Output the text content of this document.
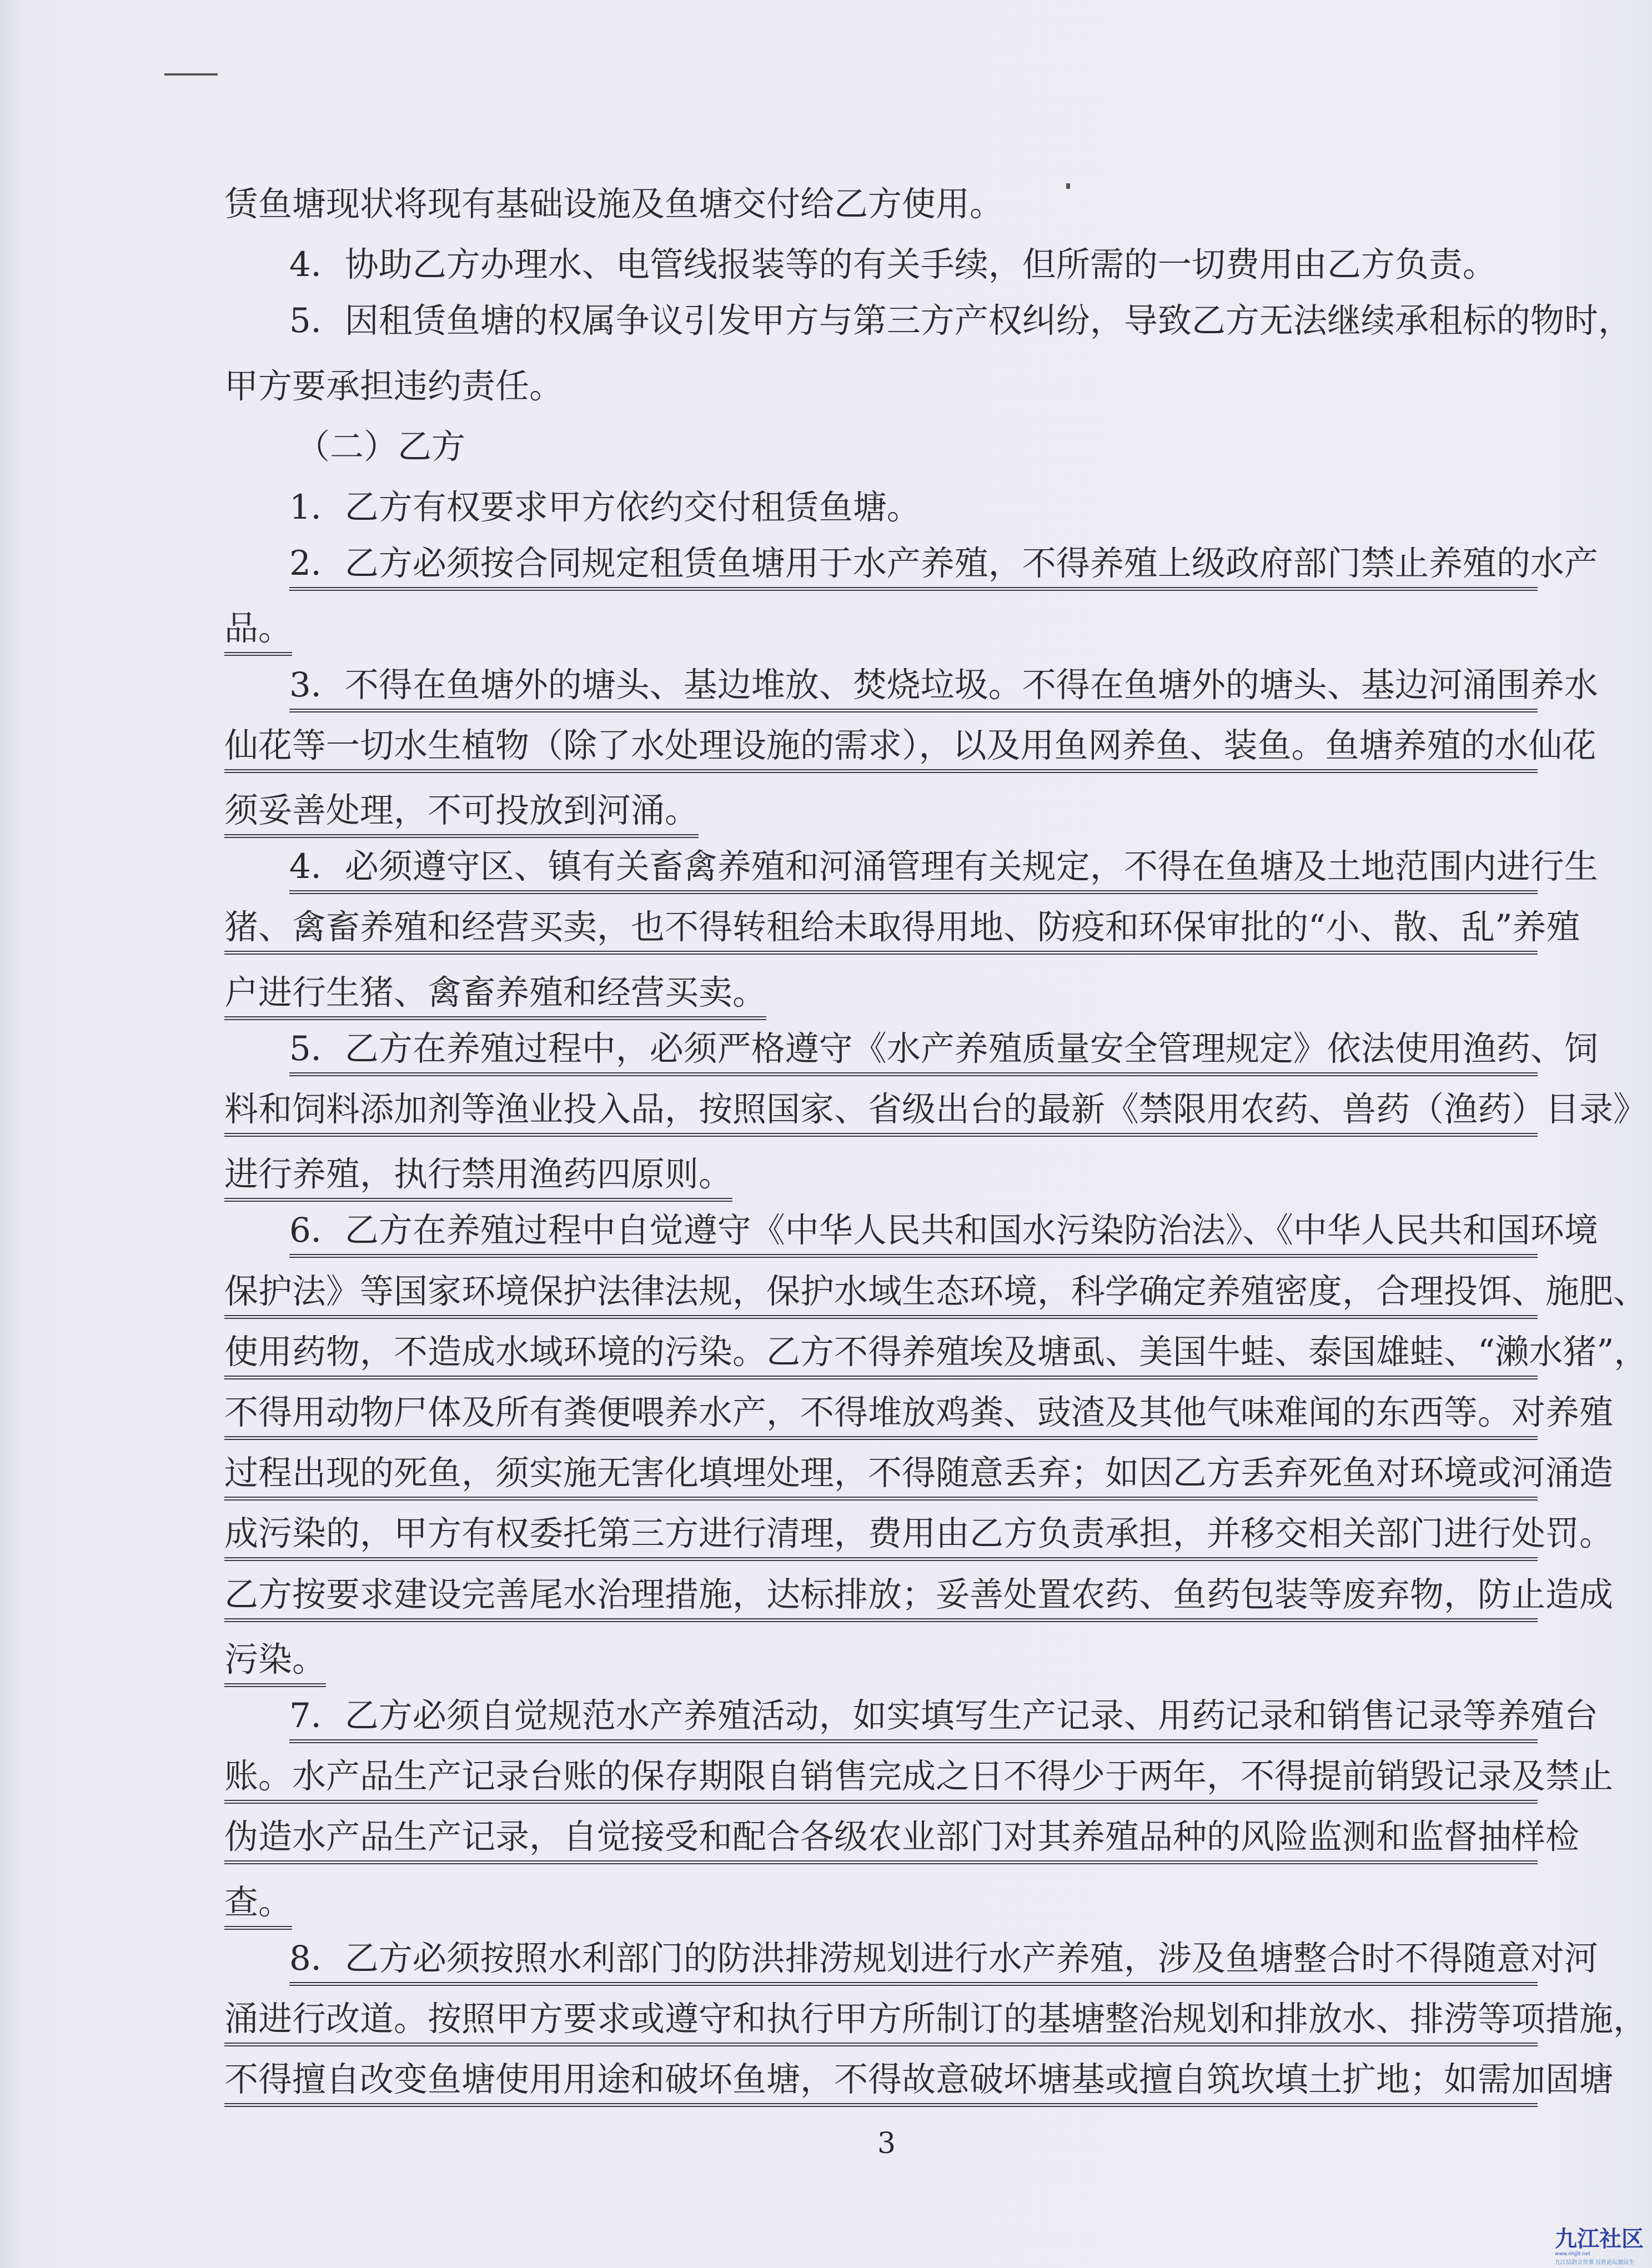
赁鱼塘现状将现有基础设施及鱼塘交付给乙方使用。
4．协助乙方办理水、电管线报装等的有关手续，但所需的一切费用由乙方负责。
5．因租赁鱼塘的权属争议引发甲方与第三方产权纠纷，导致乙方无法继续承租标的物时，
甲方要承担违约责任。
（二）乙方
1．乙方有权要求甲方依约交付租赁鱼塘。
2．乙方必须按合同规定租赁鱼塘用于水产养殖，不得养殖上级政府部门禁止养殖的水产
品。
3．不得在鱼塘外的塘头、基边堆放、焚烧垃圾。不得在鱼塘外的塘头、基边河涌围养水
仙花等一切水生植物（除了水处理设施的需求），以及用鱼网养鱼、装鱼。鱼塘养殖的水仙花
须妥善处理，不可投放到河涌。
4．必须遵守区、镇有关畜禽养殖和河涌管理有关规定，不得在鱼塘及土地范围内进行生
猪、禽畜养殖和经营买卖，也不得转租给未取得用地、防疫和环保审批的“小、散、乱”养殖
户进行生猪、禽畜养殖和经营买卖。
5．乙方在养殖过程中，必须严格遵守《水产养殖质量安全管理规定》依法使用渔药、饲
料和饲料添加剂等渔业投入品，按照国家、省级出台的最新《禁限用农药、兽药（渔药）目录》
进行养殖，执行禁用渔药四原则。
6．乙方在养殖过程中自觉遵守《中华人民共和国水污染防治法》、《中华人民共和国环境
保护法》等国家环境保护法律法规，保护水域生态环境，科学确定养殖密度，合理投饵、施肥、
使用药物，不造成水域环境的污染。乙方不得养殖埃及塘虱、美国牛蛙、泰国雄蛙、“濑水猪”，
不得用动物尸体及所有粪便喂养水产，不得堆放鸡粪、豉渣及其他气味难闻的东西等。对养殖
过程出现的死鱼，须实施无害化填埋处理，不得随意丢弃；如因乙方丢弃死鱼对环境或河涌造
成污染的，甲方有权委托第三方进行清理，费用由乙方负责承担，并移交相关部门进行处罚。
乙方按要求建设完善尾水治理措施，达标排放；妥善处置农药、鱼药包装等废弃物，防止造成
污染。
7．乙方必须自觉规范水产养殖活动，如实填写生产记录、用药记录和销售记录等养殖台
账。水产品生产记录台账的保存期限自销售完成之日不得少于两年，不得提前销毁记录及禁止
伪造水产品生产记录，自觉接受和配合各级农业部门对其养殖品种的风险监测和监督抽样检
查。
8．乙方必须按照水利部门的防洪排涝规划进行水产养殖，涉及鱼塘整合时不得随意对河
涌进行改道。按照甲方要求或遵守和执行甲方所制订的基塘整治规划和排放水、排涝等项措施，
不得擅自改变鱼塘使用用途和破坏鱼塘，不得故意破坏塘基或擅自筑坎填土扩地；如需加固塘
3
九江社区
www.nhjjlt.net
九江信韵言世事 百姓论坛道民生
